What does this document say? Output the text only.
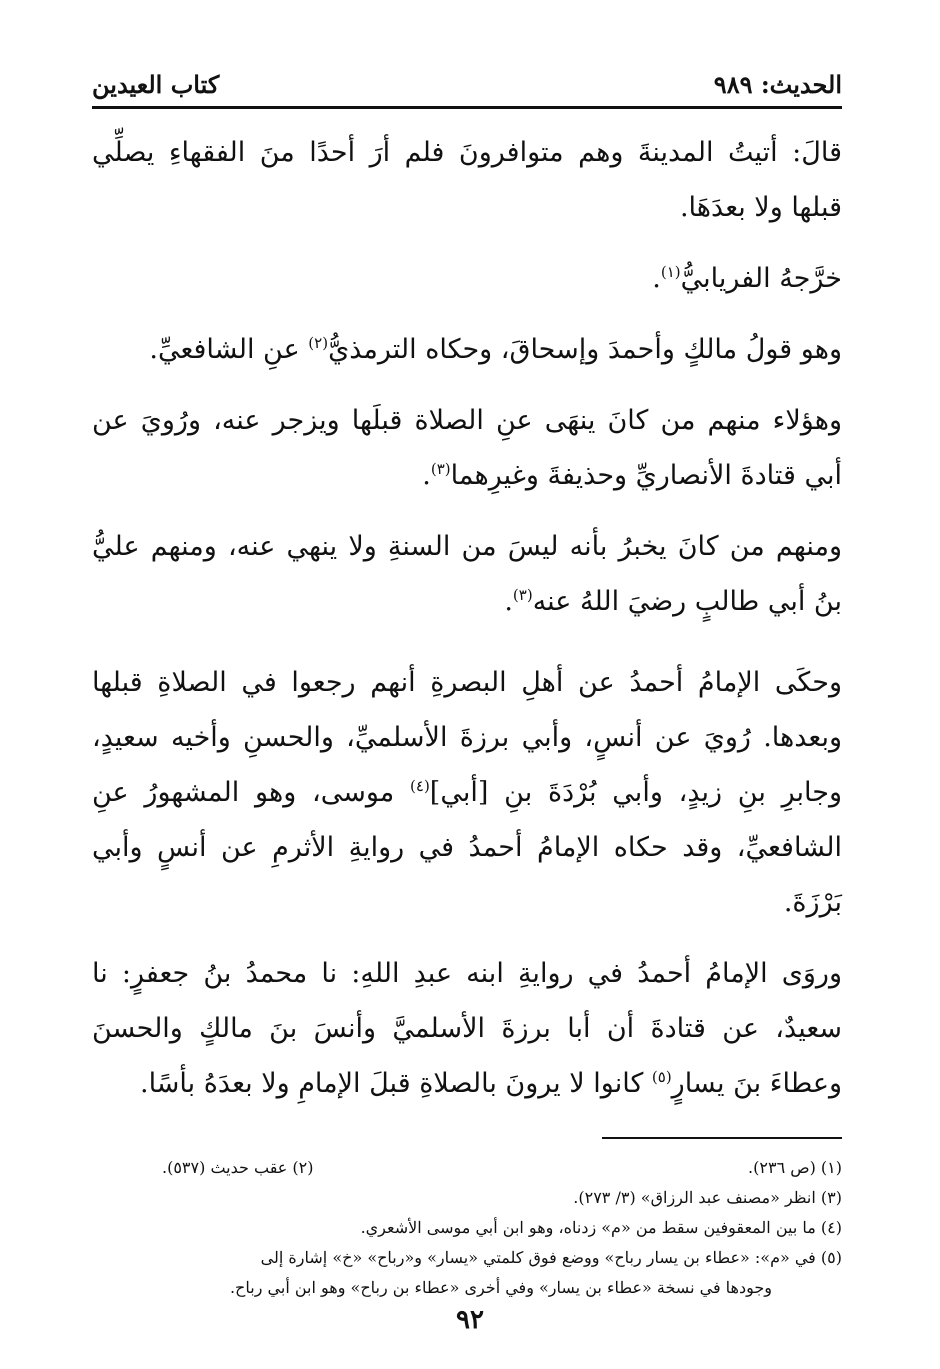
الحديث: ٩٨٩
كتاب العيدين

قالَ: أتيتُ المدينةَ وهم متوافرونَ فلم أرَ أحدًا منَ الفقهاءِ يصلِّي قبلها ولا بعدَهَا.

خرَّجهُ الفريابيُّ$^{(١)}$.

وهو قولُ مالكٍ وأحمدَ وإسحاقَ، وحكاه الترمذيُّ$^{(٢)}$ عنِ الشافعيِّ.

وهؤلاء منهم من كانَ ينهَى عنِ الصلاة قبلَها ويزجر عنه، ورُويَ عن أبي قتادةَ الأنصاريِّ وحذيفةَ وغيرِهما$^{(٣)}$.

ومنهم من كانَ يخبرُ بأنه ليسَ من السنةِ ولا ينهي عنه، ومنهم عليُّ بنُ أبي طالبٍ رضيَ اللهُ عنه$^{(٣)}$.

وحكَى الإمامُ أحمدُ عن أهلِ البصرةِ أنهم رجعوا في الصلاةِ قبلها وبعدها. رُويَ عن أنسٍ، وأبي برزةَ الأسلميِّ، والحسنِ وأخيه سعيدٍ، وجابرِ بنِ زيدٍ، وأبي بُرْدَةَ بنِ [أبي]$^{(٤)}$ موسى، وهو المشهورُ عنِ الشافعيِّ، وقد حكاه الإمامُ أحمدُ في روايةِ الأثرمِ عن أنسٍ وأبي بَرْزَةَ.

وروَى الإمامُ أحمدُ في روايةِ ابنه عبدِ اللهِ: نا محمدُ بنُ جعفرٍ: نا سعيدٌ، عن قتادةَ أن أبا برزةَ الأسلميَّ وأنسَ بنَ مالكٍ والحسنَ وعطاءَ بنَ يسارٍ$^{(٥)}$ كانوا لا يرونَ بالصلاةِ قبلَ الإمامِ ولا بعدَهُ بأسًا.

(١) (ص ٢٣٦).
(٢) عقب حديث (٥٣٧).
(٣) انظر «مصنف عبد الرزاق» (٣/ ٢٧٣).
(٤) ما بين المعقوفين سقط من «م» زدناه، وهو ابن أبي موسى الأشعري.
(٥) في «م»: «عطاء بن يسار رباح» ووضع فوق كلمتي «يسار» و«رباح» «خ» إشارة إلى
وجودها في نسخة «عطاء بن يسار» وفي أخرى «عطاء بن رباح» وهو ابن أبي رباح.
٩٢
